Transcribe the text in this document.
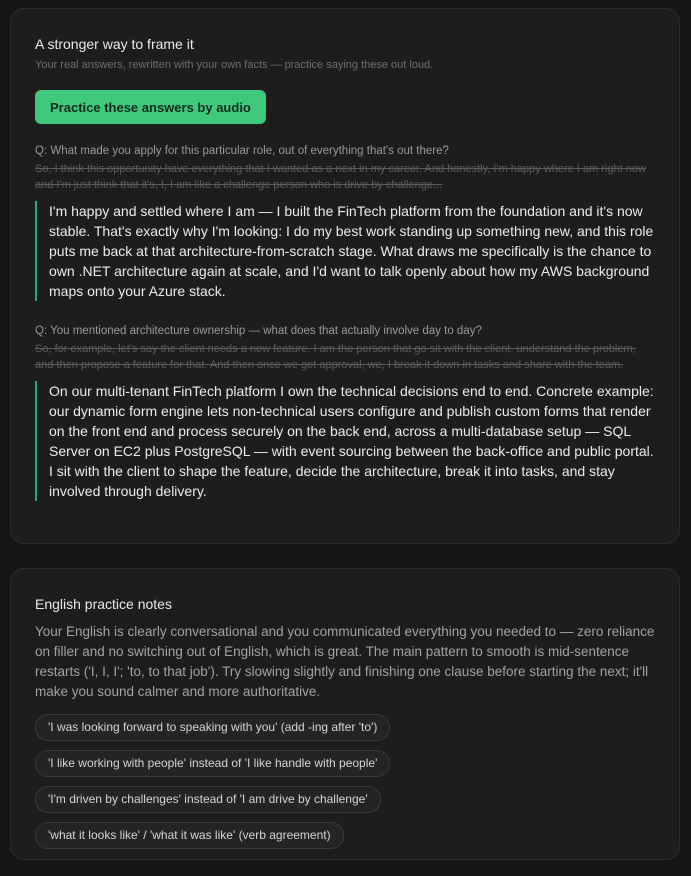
A stronger way to frame it
Your real answers, rewritten with your own facts — practice saying these out loud.
Practice these answers by audio
Q: What made you apply for this particular role, out of everything that's out there?
So, I think this opportunity have everything that I wanted as a next in my career. And honestly, I'm happy where I am right now and I'm just think that it's, I, I am like a challenge person who is drive by challenge...
I'm happy and settled where I am — I built the FinTech platform from the foundation and it's now stable. That's exactly why I'm looking: I do my best work standing up something new, and this role puts me back at that architecture-from-scratch stage. What draws me specifically is the chance to own .NET architecture again at scale, and I'd want to talk openly about how my AWS background maps onto your Azure stack.
Q: You mentioned architecture ownership — what does that actually involve day to day?
So, for example, let's say the client needs a new feature. I am the person that go sit with the client, understand the problem, and then propose a feature for that. And then once we get approval, we, I break it down in tasks and share with the team.
On our multi-tenant FinTech platform I own the technical decisions end to end. Concrete example: our dynamic form engine lets non-technical users configure and publish custom forms that render on the front end and process securely on the back end, across a multi-database setup — SQL Server on EC2 plus PostgreSQL — with event sourcing between the back-office and public portal. I sit with the client to shape the feature, decide the architecture, break it into tasks, and stay involved through delivery.
English practice notes
Your English is clearly conversational and you communicated everything you needed to — zero reliance on filler and no switching out of English, which is great. The main pattern to smooth is mid-sentence restarts ('I, I, I'; 'to, to that job'). Try slowing slightly and finishing one clause before starting the next; it'll make you sound calmer and more authoritative.
'I was looking forward to speaking with you' (add -ing after 'to')
'I like working with people' instead of 'I like handle with people'
'I'm driven by challenges' instead of 'I am drive by challenge'
'what it looks like' / 'what it was like' (verb agreement)
